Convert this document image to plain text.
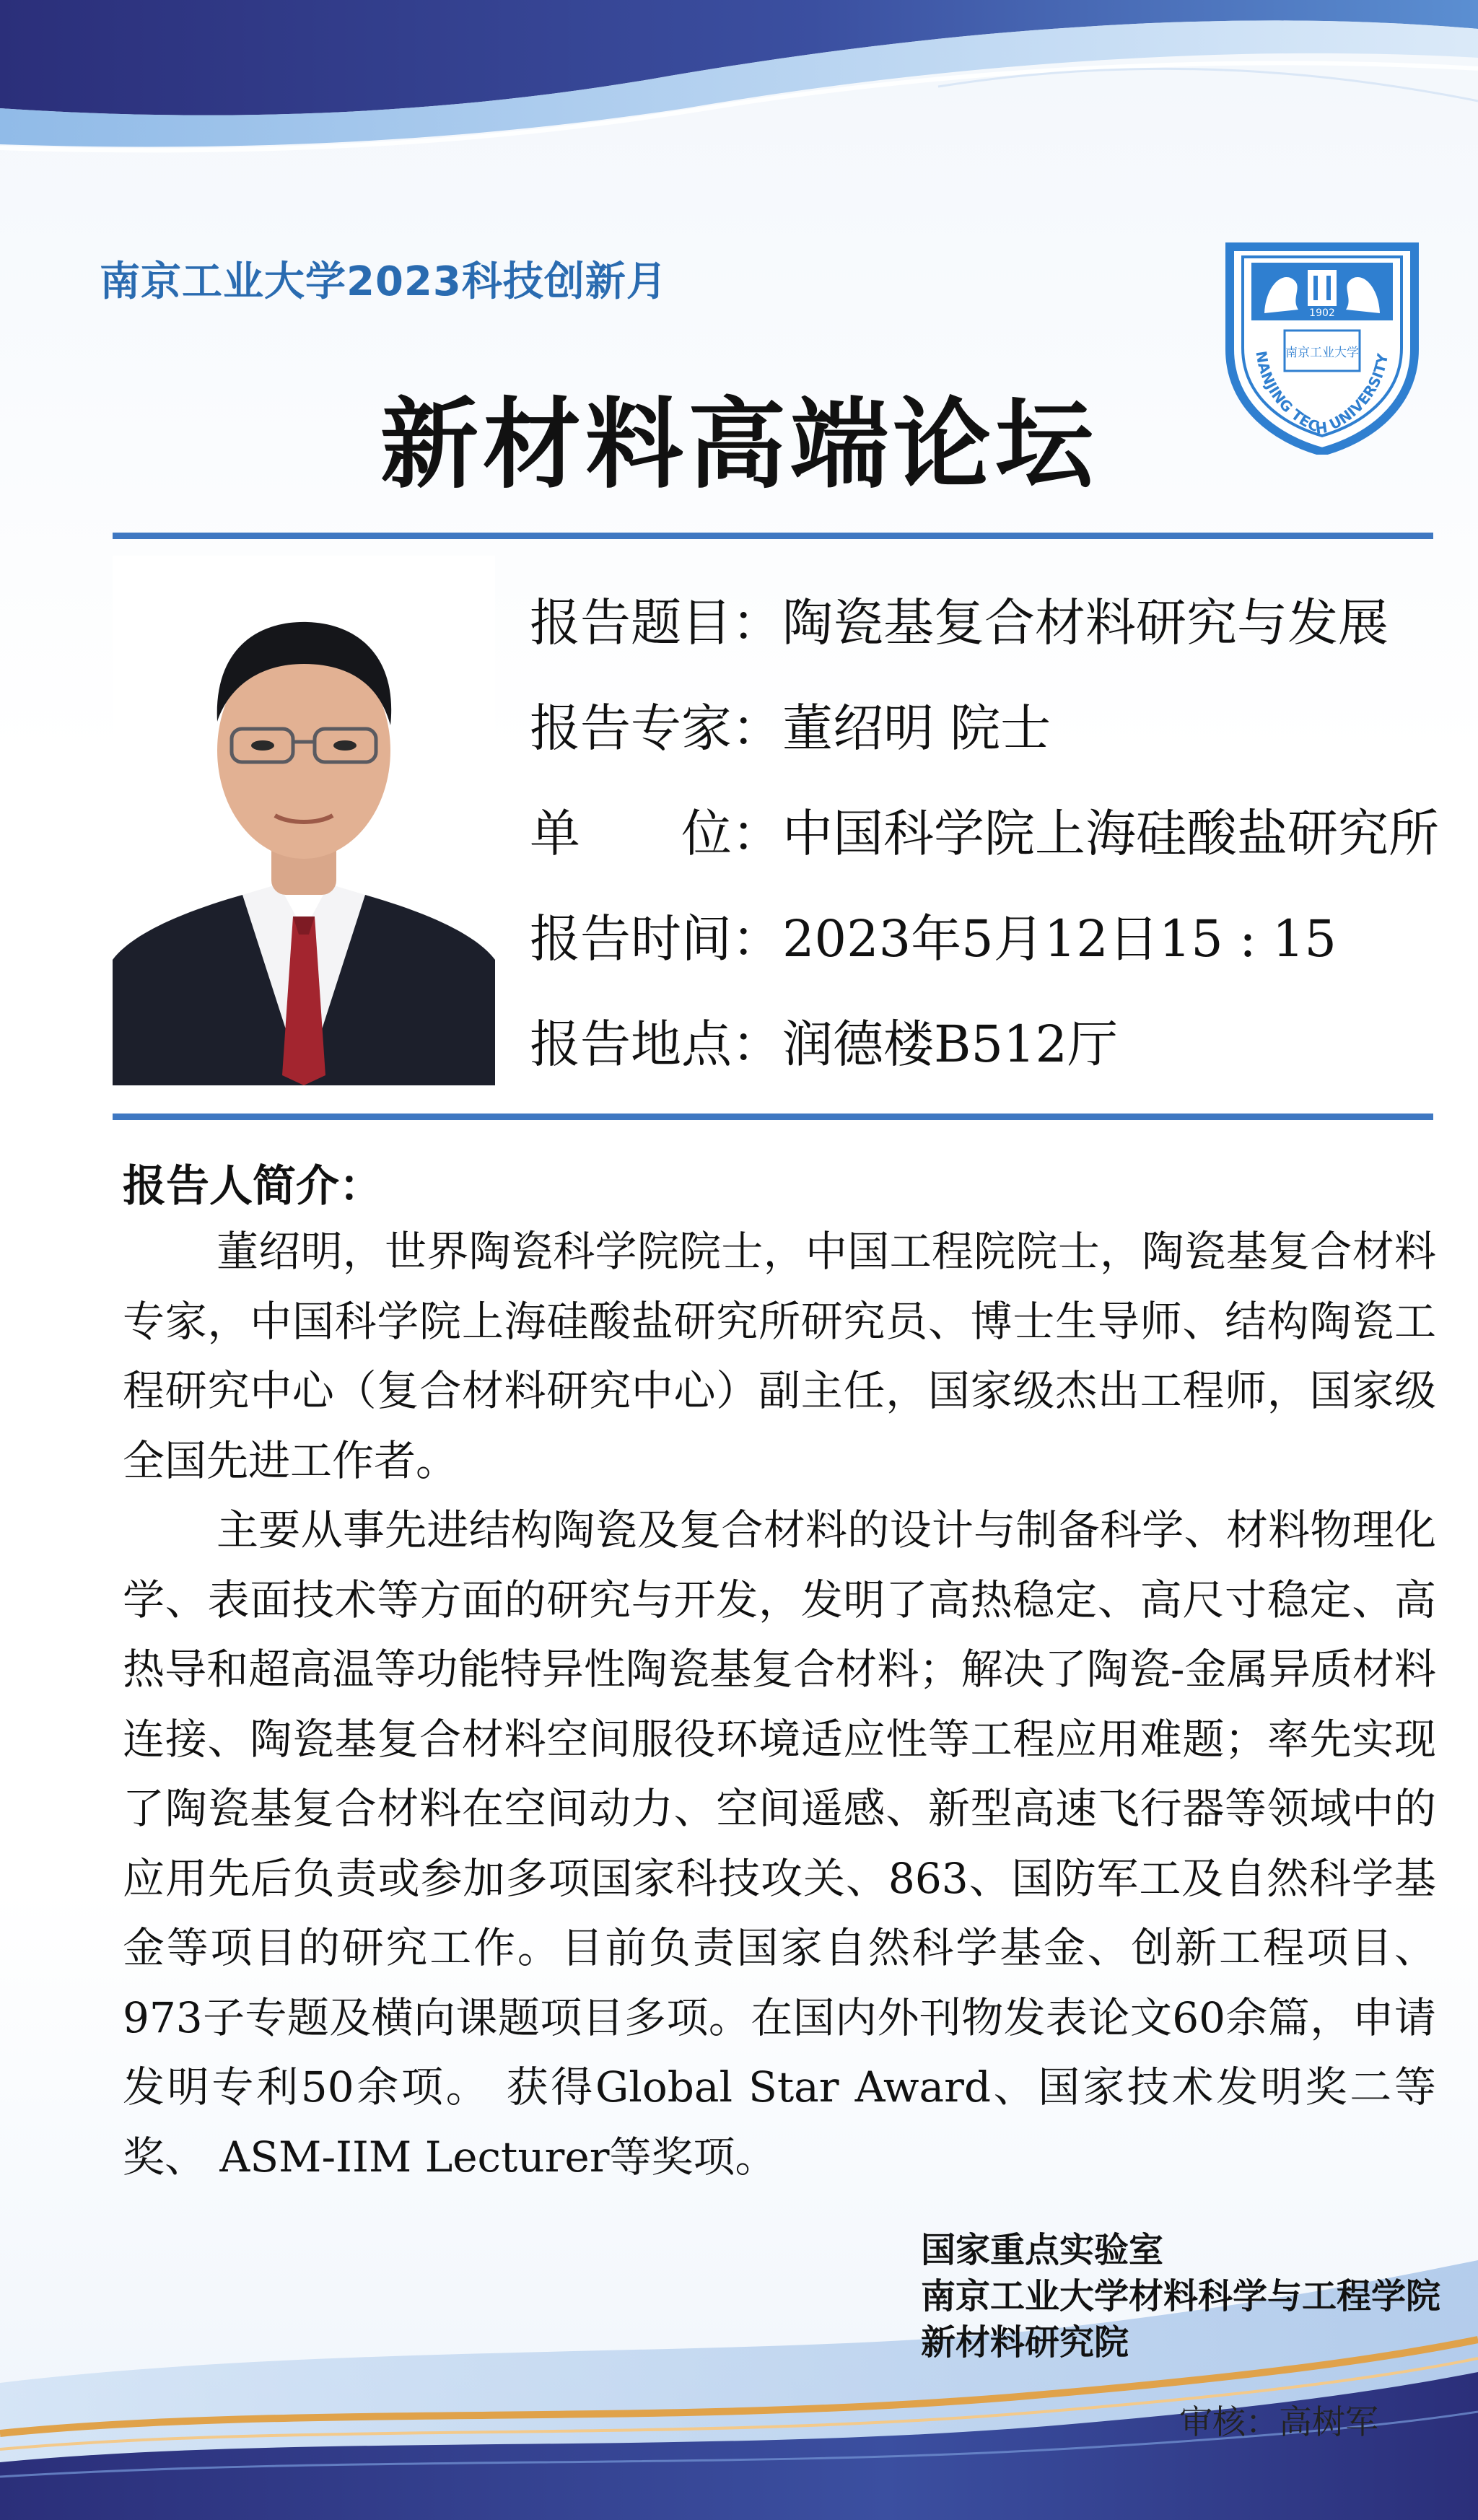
南京工业大学2023科技创新月
1902
南京工业大学
NANJING TECH UNIVERSITY
新材料高端论坛
报告题目：陶瓷基复合材料研究与发展
报告专家：董绍明 院士
单　　位：中国科学院上海硅酸盐研究所
报告时间：2023年5月12日15 : 15
报告地点：润德楼B512厅
报告人简介：

董绍明，世界陶瓷科学院院士，中国工程院院士，陶瓷基复合材料专家，中国科学院上海硅酸盐研究所研究员、博士生导师、结构陶瓷工程研究中心（复合材料研究中心）副主任，国家级杰出工程师，国家级全国先进工作者。

主要从事先进结构陶瓷及复合材料的设计与制备科学、材料物理化学、表面技术等方面的研究与开发，发明了高热稳定、高尺寸稳定、高热导和超高温等功能特异性陶瓷基复合材料；解决了陶瓷-金属异质材料连接、陶瓷基复合材料空间服役环境适应性等工程应用难题；率先实现了陶瓷基复合材料在空间动力、空间遥感、新型高速飞行器等领域中的应用先后负责或参加多项国家科技攻关、863、国防军工及自然科学基金等项目的研究工作。目前负责国家自然科学基金、创新工程项目、973子专题及横向课题项目多项。在国内外刊物发表论文60余篇，申请发明专利50余项。 获得Global Star Award、国家技术发明奖二等奖、 ASM-IIM Lecturer等奖项。

国家重点实验室
南京工业大学材料科学与工程学院
新材料研究院
审核：高树军
